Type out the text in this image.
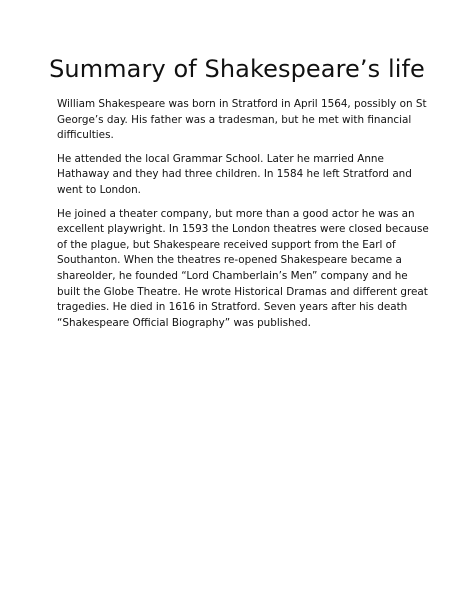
Summary of Shakespeare’s life

William Shakespeare was born in Stratford in April 1564, possibly on St George’s day. His father was a tradesman, but he met with financial difficulties.

He attended the local Grammar School. Later he married Anne Hathaway and they had three children. In 1584 he left Stratford and went to London.

He joined a theater company, but more than a good actor he was an excellent playwright. In 1593 the London theatres were closed because of the plague, but Shakespeare received support from the Earl of Southanton. When the theatres re-opened Shakespeare became a shareolder, he founded “Lord Chamberlain’s Men” company and he built the Globe Theatre. He wrote Historical Dramas and different great tragedies. He died in 1616 in Stratford. Seven years after his death “Shakespeare Official Biography” was published.
